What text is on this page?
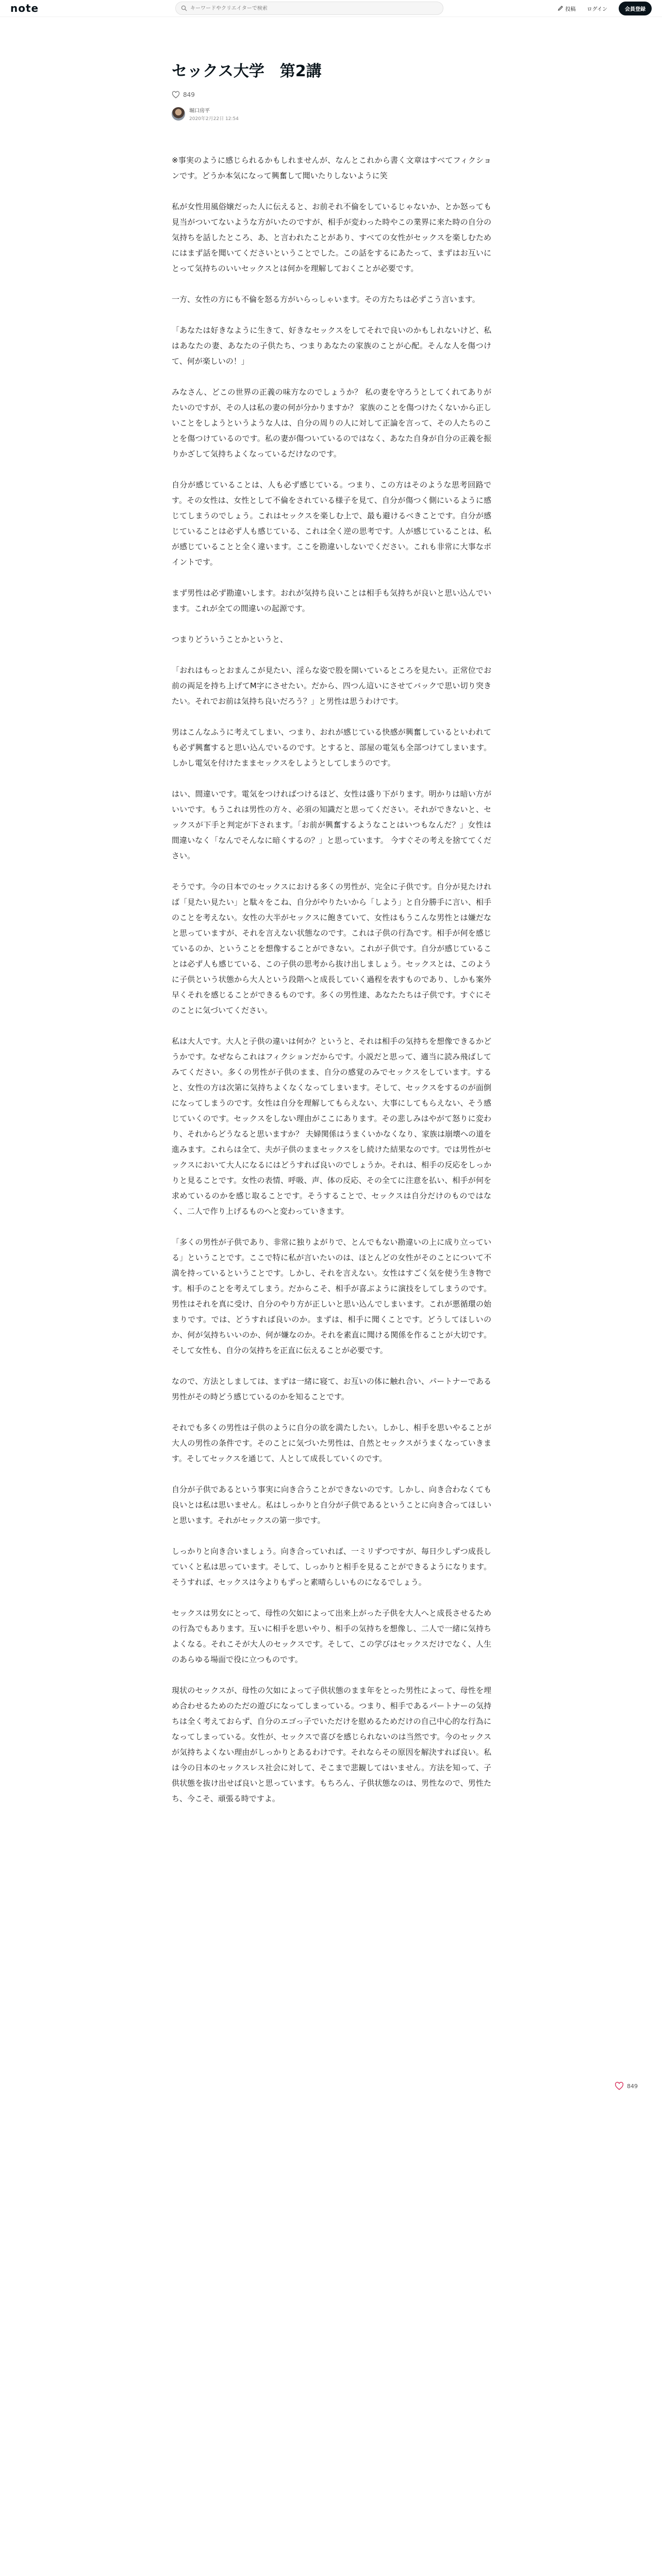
note
キーワードやクリエイターで検索	投稿 ログイン	会員登録
セックス大学　第2講
849
堀口房平
2020年2月22日 12:54

※事実のように感じられるかもしれませんが、なんとこれから書く文章はすべてフィクションです。どうか本気になって興奮して聞いたりしないように笑

私が女性用風俗嬢だった人に伝えると、お前それ不倫をしているじゃないか、とか怒っても見当がついてないような方がいたのですが、相手が変わった時やこの業界に来た時の自分の気持ちを話したところ、あ、と言われたことがあり、すべての女性がセックスを楽しむためにはまず話を聞いてくださいということでした。この話をするにあたって、まずはお互いにとって気持ちのいいセックスとは何かを理解しておくことが必要です。

一方、女性の方にも不倫を怒る方がいらっしゃいます。その方たちは必ずこう言います。

「あなたは好きなように生きて、好きなセックスをしてそれで良いのかもしれないけど、私はあなたの妻、あなたの子供たち、つまりあなたの家族のことが心配。そんな人を傷つけて、何が楽しいの！」

みなさん、どこの世界の正義の味方なのでしょうか？ 私の妻を守ろうとしてくれてありがたいのですが、その人は私の妻の何が分かりますか？ 家族のことを傷つけたくないから正しいことをしようというような人は、自分の周りの人に対して正論を言って、その人たちのことを傷つけているのです。私の妻が傷ついているのではなく、あなた自身が自分の正義を振りかざして気持ちよくなっているだけなのです。

自分が感じていることは、人も必ず感じている。つまり、この方はそのような思考回路です。その女性は、女性として不倫をされている様子を見て、自分が傷つく側にいるように感じてしまうのでしょう。これはセックスを楽しむ上で、最も避けるべきことです。自分が感じていることは必ず人も感じている、これは全く逆の思考です。人が感じていることは、私が感じていることと全く違います。ここを勘違いしないでください。これも非常に大事なポイントです。

まず男性は必ず勘違いします。おれが気持ち良いことは相手も気持ちが良いと思い込んでいます。これが全ての間違いの起源です。

つまりどういうことかというと、

「おれはもっとおまんこが見たい、淫らな姿で股を開いているところを見たい。正常位でお前の両足を持ち上げてM字にさせたい。だから、四つん這いにさせてバックで思い切り突きたい。それでお前は気持ち良いだろう？」と男性は思うわけです。

男はこんなふうに考えてしまい、つまり、おれが感じている快感が興奮しているといわれても必ず興奮すると思い込んでいるのです。とすると、部屋の電気も全部つけてしまいます。しかし電気を付けたままセックスをしようとしてしまうのです。

はい、間違いです。電気をつければつけるほど、女性は盛り下がります。明かりは暗い方がいいです。もうこれは男性の方々、必須の知識だと思ってください。それができないと、セックスが下手と判定が下されます。「お前が興奮するようなことはいつもなんだ？」女性は間違いなく「なんでそんなに暗くするの？」と思っています。 今すぐその考えを捨ててください。

そうです。今の日本でのセックスにおける多くの男性が、完全に子供です。自分が見たければ「見たい見たい」と駄々をこね、自分がやりたいから「しよう」と自分勝手に言い、相手のことを考えない。女性の大半がセックスに飽きていて、女性はもうこんな男性とは嫌だなと思っていますが、それを言えない状態なのです。これは子供の行為です。相手が何を感じているのか、ということを想像することができない。これが子供です。自分が感じていることは必ず人も感じている、この子供の思考から抜け出しましょう。セックスとは、このように子供という状態から大人という段階へと成長していく過程を表すものであり、しかも案外早くそれを感じることができるものです。多くの男性達、あなたたちは子供です。すぐにそのことに気づいてください。

私は大人です。大人と子供の違いは何か？というと、それは相手の気持ちを想像できるかどうかです。なぜならこれはフィクションだからです。小説だと思って、適当に読み飛ばしてみてください。多くの男性が子供のまま、自分の感覚のみでセックスをしています。すると、女性の方は次第に気持ちよくなくなってしまいます。そして、セックスをするのが面倒になってしまうのです。女性は自分を理解してもらえない、大事にしてもらえない、そう感じていくのです。セックスをしない理由がここにあります。その悲しみはやがて怒りに変わり、それからどうなると思いますか？ 夫婦関係はうまくいかなくなり、家族は崩壊への道を進みます。これらは全て、夫が子供のままセックスをし続けた結果なのです。では男性がセックスにおいて大人になるにはどうすれば良いのでしょうか。それは、相手の反応をしっかりと見ることです。女性の表情、呼吸、声、体の反応、その全てに注意を払い、相手が何を求めているのかを感じ取ることです。そうすることで、セックスは自分だけのものではなく、二人で作り上げるものへと変わっていきます。

「多くの男性が子供であり、非常に独りよがりで、とんでもない勘違いの上に成り立っている」ということです。ここで特に私が言いたいのは、ほとんどの女性がそのことについて不満を持っているということです。しかし、それを言えない。女性はすごく気を使う生き物です。相手のことを考えてしまう。だからこそ、相手が喜ぶように演技をしてしまうのです。男性はそれを真に受け、自分のやり方が正しいと思い込んでしまいます。これが悪循環の始まりです。では、どうすれば良いのか。まずは、相手に聞くことです。どうしてほしいのか、何が気持ちいいのか、何が嫌なのか。それを素直に聞ける関係を作ることが大切です。そして女性も、自分の気持ちを正直に伝えることが必要です。

なので、方法としましては、まずは一緒に寝て、お互いの体に触れ合い、パートナーである男性がその時どう感じているのかを知ることです。

それでも多くの男性は子供のように自分の欲を満たしたい。しかし、相手を思いやることが大人の男性の条件です。そのことに気づいた男性は、自然とセックスがうまくなっていきます。そしてセックスを通じて、人として成長していくのです。

自分が子供であるという事実に向き合うことができないのです。しかし、向き合わなくても良いとは私は思いません。私はしっかりと自分が子供であるということに向き合ってほしいと思います。それがセックスの第一歩です。

しっかりと向き合いましょう。向き合っていれば、一ミリずつですが、毎日少しずつ成長していくと私は思っています。そして、しっかりと相手を見ることができるようになります。そうすれば、セックスは今よりもずっと素晴らしいものになるでしょう。

セックスは男女にとって、母性の欠如によって出来上がった子供を大人へと成長させるための行為でもあります。互いに相手を思いやり、相手の気持ちを想像し、二人で一緒に気持ちよくなる。それこそが大人のセックスです。そして、この学びはセックスだけでなく、人生のあらゆる場面で役に立つものです。

現状のセックスが、母性の欠如によって子供状態のまま年をとった男性によって、母性を埋め合わせるためのただの遊びになってしまっている。つまり、相手であるパートナーの気持ちは全く考えておらず、自分のエゴっ子でいただけを慰めるためだけの自己中心的な行為になってしまっている。女性が、セックスで喜びを感じられないのは当然です。今のセックスが気持ちよくない理由がしっかりとあるわけです。それならその原因を解決すれば良い。私は今の日本のセックスレス社会に対して、そこまで悲観してはいません。方法を知って、子供状態を抜け出せば良いと思っています。もちろん、子供状態なのは、男性なので、男性たち、今こそ、頑張る時ですよ。

849
